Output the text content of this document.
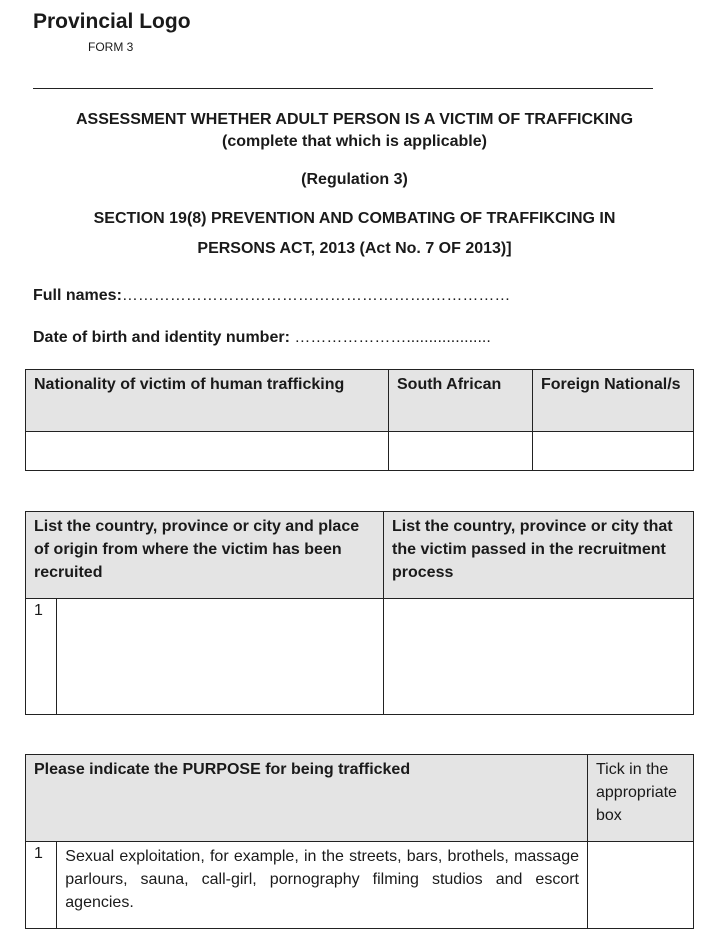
Provincial Logo
FORM 3
ASSESSMENT WHETHER ADULT PERSON IS A VICTIM OF TRAFFICKING
(complete that which is applicable)
(Regulation 3)
SECTION 19(8) PREVENTION AND COMBATING OF TRAFFIKCING IN
PERSONS ACT, 2013 (Act No. 7 OF 2013)]
Full names:………………………………………………….……………
Date of birth and identity number: …………………...................
Nationality of victim of human trafficking	South African	Foreign National/s

List the country, province or city and place of origin from where the victim has been recruited		List the country, province or city that the victim passed in the recruitment process
1		
Please indicate the PURPOSE for being trafficked		Tick in the appropriate box
1	Sexual exploitation, for example, in the streets, bars, brothels, massage parlours, sauna, call-girl, pornography filming studios and escort agencies.	
